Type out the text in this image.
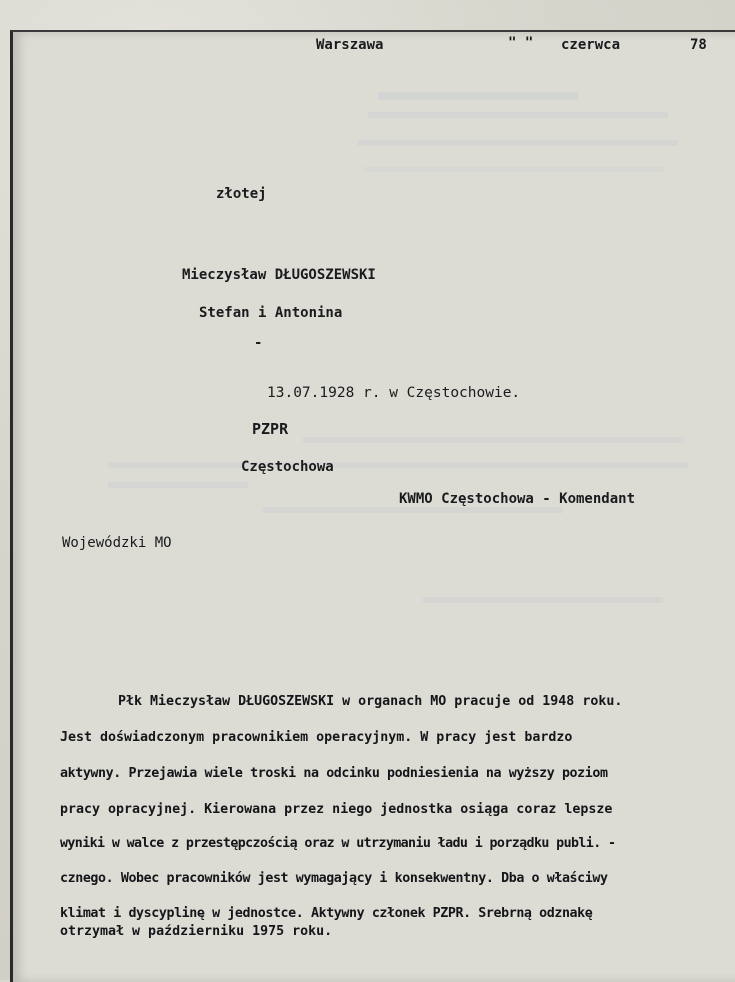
Warszawa	" " czerwca	78
złotej
Mieczysław DŁUGOSZEWSKI
Stefan i Antonina
-
13.07.1928 r. w Częstochowie.
PZPR
Częstochowa
KWMO Częstochowa - Komendant
Wojewódzki MO
Płk Mieczysław DŁUGOSZEWSKI w organach MO pracuje od 1948 roku.
Jest doświadczonym pracownikiem operacyjnym. W pracy jest bardzo
aktywny. Przejawia wiele troski na odcinku podniesienia na wyższy poziom
pracy opracyjnej. Kierowana przez niego jednostka osiąga coraz lepsze
wyniki w walce z przestępczością oraz w utrzymaniu ładu i porządku publi. -
cznego. Wobec pracowników jest wymagający i konsekwentny. Dba o właściwy
klimat i dyscyplinę w jednostce. Aktywny członek PZPR. Srebrną odznakę
otrzymał w październiku 1975 roku.
